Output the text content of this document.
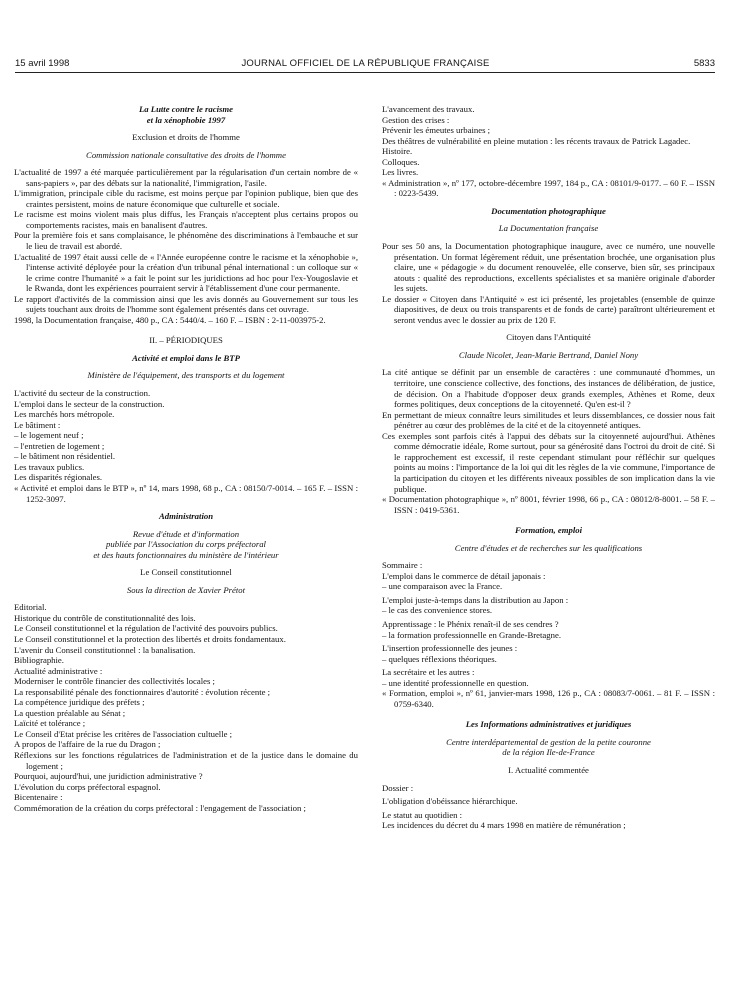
15 avril 1998	JOURNAL OFFICIEL DE LA RÉPUBLIQUE FRANÇAISE	5833

La Lutte contre le racisme

et la xénophobie 1997

Exclusion et droits de l'homme

Commission nationale consultative des droits de l'homme

L'actualité de 1997 a été marquée particulièrement par la régularisation d'un certain nombre de « sans-papiers », par des débats sur la nationalité, l'immigration, l'asile.

L'immigration, principale cible du racisme, est moins perçue par l'opinion publique, bien que des craintes persistent, moins de nature économique que culturelle et sociale.

Le racisme est moins violent mais plus diffus, les Français n'acceptent plus certains propos ou comportements racistes, mais en banalisent d'autres.

Pour la première fois et sans complaisance, le phénomène des discriminations à l'embauche et sur le lieu de travail est abordé.

L'actualité de 1997 était aussi celle de « l'Année européenne contre le racisme et la xénophobie », l'intense activité déployée pour la création d'un tribunal pénal international : un colloque sur « le crime contre l'humanité » a fait le point sur les juridictions ad hoc pour l'ex-Yougoslavie et le Rwanda, dont les expériences pourraient servir à l'établissement d'une cour permanente.

Le rapport d'activités de la commission ainsi que les avis donnés au Gouvernement sur tous les sujets touchant aux droits de l'homme sont également présentés dans cet ouvrage.

1998, la Documentation française, 480 p., CA : 5440/4. – 160 F. – ISBN : 2-11-003975-2.

II. – PÉRIODIQUES

Activité et emploi dans le BTP

Ministère de l'équipement, des transports et du logement

L'activité du secteur de la construction.

L'emploi dans le secteur de la construction.

Les marchés hors métropole.

Le bâtiment :

– le logement neuf ;

– l'entretien de logement ;

– le bâtiment non résidentiel.

Les travaux publics.

Les disparités régionales.

« Activité et emploi dans le BTP », nº 14, mars 1998, 68 p., CA : 08150/7-0014. – 165 F. – ISSN : 1252-3097.

Administration

Revue d'étude et d'information

publiée par l'Association du corps préfectoral

et des hauts fonctionnaires du ministère de l'intérieur

Le Conseil constitutionnel

Sous la direction de Xavier Prétot

Editorial.

Historique du contrôle de constitutionnalité des lois.

Le Conseil constitutionnel et la régulation de l'activité des pouvoirs publics.

Le Conseil constitutionnel et la protection des libertés et droits fondamentaux.

L'avenir du Conseil constitutionnel : la banalisation.

Bibliographie.

Actualité administrative :

Moderniser le contrôle financier des collectivités locales ;

La responsabilité pénale des fonctionnaires d'autorité : évolution récente ;

La compétence juridique des préfets ;

La question préalable au Sénat ;

Laïcité et tolérance ;

Le Conseil d'Etat précise les critères de l'association cultuelle ;

A propos de l'affaire de la rue du Dragon ;

Réflexions sur les fonctions régulatrices de l'administration et de la justice dans le domaine du logement ;

Pourquoi, aujourd'hui, une juridiction administrative ?

L'évolution du corps préfectoral espagnol.

Bicentenaire :

Commémoration de la création du corps préfectoral : l'engagement de l'association ;

L'avancement des travaux.

Gestion des crises :

Prévenir les émeutes urbaines ;

Des théâtres de vulnérabilité en pleine mutation : les récents travaux de Patrick Lagadec.

Histoire.

Colloques.

Les livres.

« Administration », nº 177, octobre-décembre 1997, 184 p., CA : 08101/9-0177. – 60 F. – ISSN : 0223-5439.

Documentation photographique

La Documentation française

Pour ses 50 ans, la Documentation photographique inaugure, avec ce numéro, une nouvelle présentation. Un format légèrement réduit, une présentation brochée, une organisation plus claire, une « pédagogie » du document renouvelée, elle conserve, bien sûr, ses principaux atouts : qualité des reproductions, excellents spécialistes et sa manière originale d'aborder les sujets.

Le dossier « Citoyen dans l'Antiquité » est ici présenté, les projetables (ensemble de quinze diapositives, de deux ou trois transparents et de fonds de carte) paraîtront ultérieurement et seront vendus avec le dossier au prix de 120 F.

Citoyen dans l'Antiquité

Claude Nicolet, Jean-Marie Bertrand, Daniel Nony

La cité antique se définit par un ensemble de caractères : une communauté d'hommes, un territoire, une conscience collective, des fonctions, des instances de délibération, de justice, de décision. On a l'habitude d'opposer deux grands exemples, Athènes et Rome, deux formes politiques, deux conceptions de la citoyenneté. Qu'en est-il ?

En permettant de mieux connaître leurs similitudes et leurs dissemblances, ce dossier nous fait pénétrer au cœur des problèmes de la cité et de la citoyenneté antiques.

Ces exemples sont parfois cités à l'appui des débats sur la citoyenneté aujourd'hui. Athènes comme démocratie idéale, Rome surtout, pour sa générosité dans l'octroi du droit de cité. Si le rapprochement est excessif, il reste cependant stimulant pour réfléchir sur quelques points au moins : l'importance de la loi qui dit les règles de la vie commune, l'importance de la participation du citoyen et les différents niveaux possibles de son implication dans la vie publique.

« Documentation photographique », nº 8001, février 1998, 66 p., CA : 08012/8-8001. – 58 F. – ISSN : 0419-5361.

Formation, emploi

Centre d'études et de recherches sur les qualifications

Sommaire :

L'emploi dans le commerce de détail japonais :

– une comparaison avec la France.

L'emploi juste-à-temps dans la distribution au Japon :

– le cas des convenience stores.

Apprentissage : le Phénix renaît-il de ses cendres ?

– la formation professionnelle en Grande-Bretagne.

L'insertion professionnelle des jeunes :

– quelques réflexions théoriques.

La secrétaire et les autres :

– une identité professionnelle en question.

« Formation, emploi », nº 61, janvier-mars 1998, 126 p., CA : 08083/7-0061. – 81 F. – ISSN : 0759-6340.

Les Informations administratives et juridiques

Centre interdépartemental de gestion de la petite couronne

de la région Ile-de-France

I. Actualité commentée

Dossier :

L'obligation d'obéissance hiérarchique.

Le statut au quotidien :

Les incidences du décret du 4 mars 1998 en matière de rémunération ;
